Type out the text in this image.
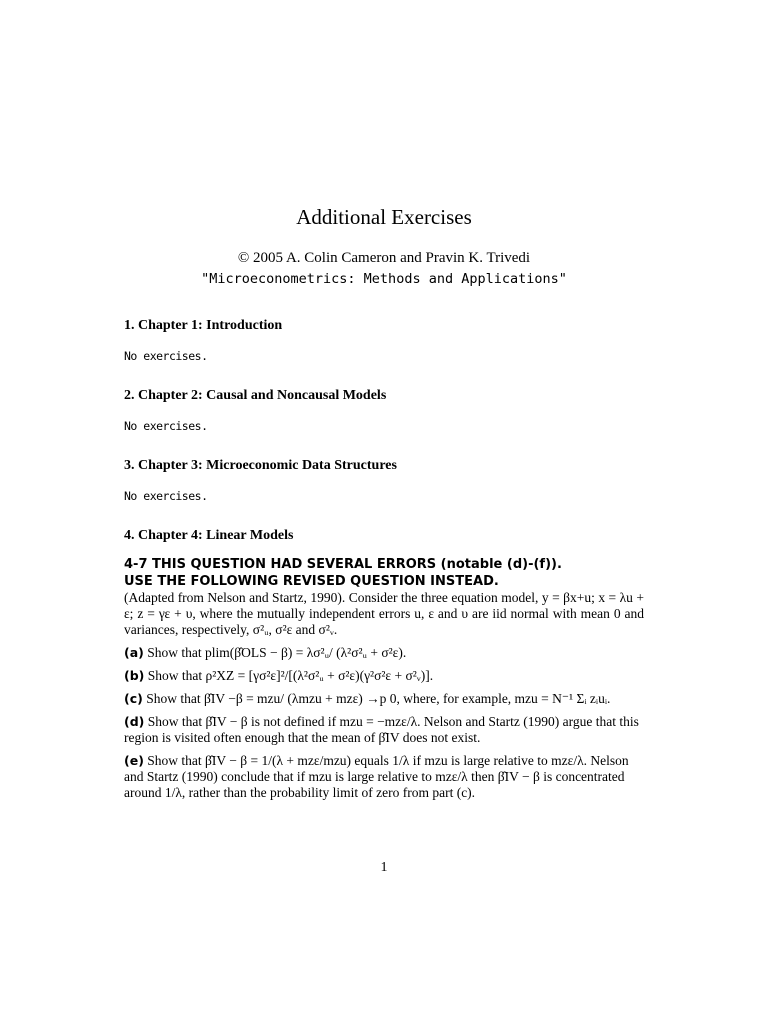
Additional Exercises
© 2005 A. Colin Cameron and Pravin K. Trivedi
"Microeconometrics: Methods and Applications"
1. Chapter 1: Introduction
No exercises.
2. Chapter 2: Causal and Noncausal Models
No exercises.
3. Chapter 3: Microeconomic Data Structures
No exercises.
4. Chapter 4: Linear Models
4-7 THIS QUESTION HAD SEVERAL ERRORS (notable (d)-(f)).
USE THE FOLLOWING REVISED QUESTION INSTEAD.
(Adapted from Nelson and Startz, 1990). Consider the three equation model, y = βx+u; x = λu + ε; z = γε + υ, where the mutually independent errors u, ε and υ are iid normal with mean 0 and variances, respectively, σ²ᵤ, σ²ε and σ²ᵥ.
(a) Show that plim(β̂OLS − β) = λσ²ᵤ/ (λ²σ²ᵤ + σ²ε).
(b) Show that ρ²XZ = [γσ²ε]²/[(λ²σ²ᵤ + σ²ε)(γ²σ²ε + σ²ᵥ)].
(c) Show that β̂IV −β = mzu/ (λmzu + mzε) →p 0, where, for example, mzu = N⁻¹ Σᵢ zᵢuᵢ.
(d) Show that β̂IV − β is not defined if mzu = −mzε/λ. Nelson and Startz (1990) argue that this region is visited often enough that the mean of β̂IV does not exist.
(e) Show that β̂IV − β = 1/(λ + mzε/mzu) equals 1/λ if mzu is large relative to mzε/λ. Nelson and Startz (1990) conclude that if mzu is large relative to mzε/λ then β̂IV − β is concentrated around 1/λ, rather than the probability limit of zero from part (c).
1
